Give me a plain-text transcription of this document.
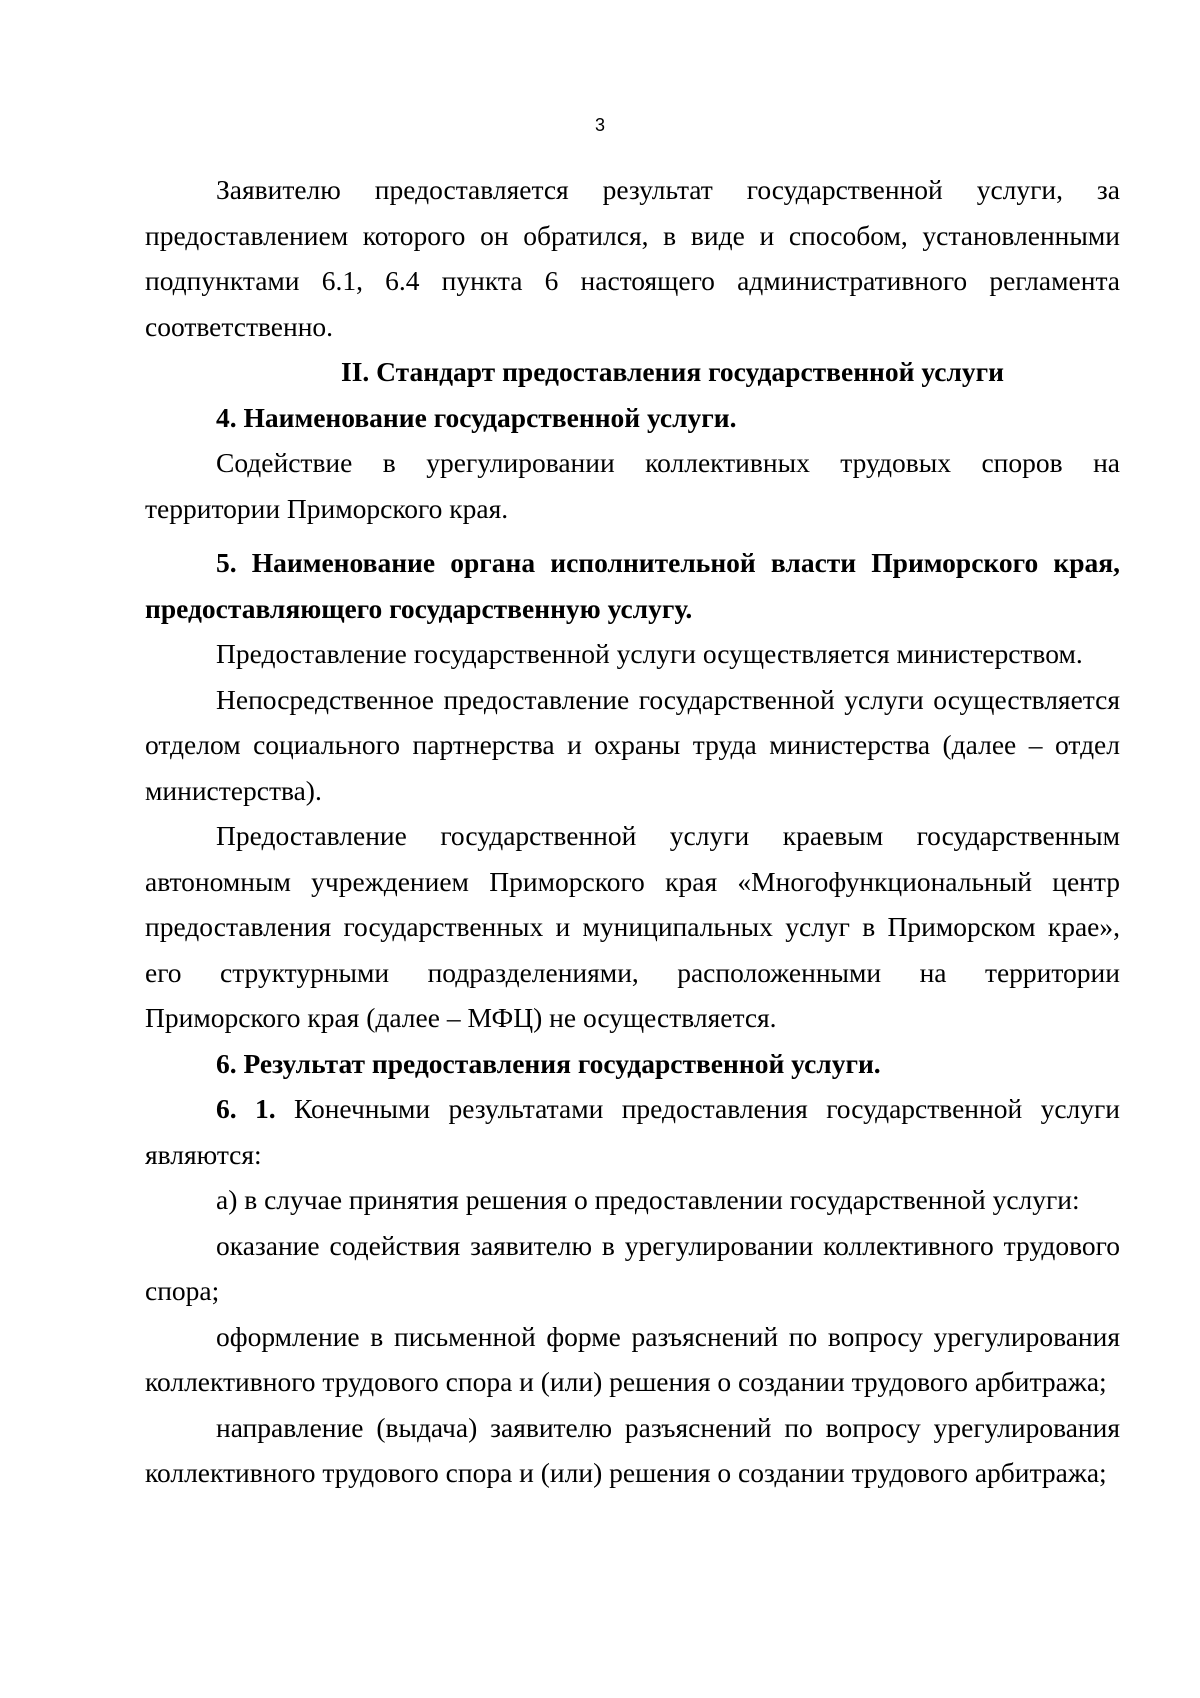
3

Заявителю предоставляется результат государственной услуги, за предоставлением которого он обратился, в виде и способом, установленными подпунктами 6.1, 6.4 пункта 6 настоящего административного регламента соответственно.

II. Стандарт предоставления государственной услуги

4. Наименование государственной услуги.

Содействие в урегулировании коллективных трудовых споров на территории Приморского края.

5. Наименование органа исполнительной власти Приморского края, предоставляющего государственную услугу.

Предоставление государственной услуги осуществляется министерством.

Непосредственное предоставление государственной услуги осуществляется отделом социального партнерства и охраны труда министерства (далее – отдел министерства).

Предоставление государственной услуги краевым государственным автономным учреждением Приморского края «Многофункциональный центр предоставления государственных и муниципальных услуг в Приморском крае», его структурными подразделениями, расположенными на территории Приморского края (далее – МФЦ) не осуществляется.

6. Результат предоставления государственной услуги.

6. 1. Конечными результатами предоставления государственной услуги являются:

а) в случае принятия решения о предоставлении государственной услуги:

оказание содействия заявителю в урегулировании коллективного трудового спора;

оформление в письменной форме разъяснений по вопросу урегулирования коллективного трудового спора и (или) решения о создании трудового арбитража;

направление (выдача) заявителю разъяснений по вопросу урегулирования коллективного трудового спора и (или) решения о создании трудового арбитража;
